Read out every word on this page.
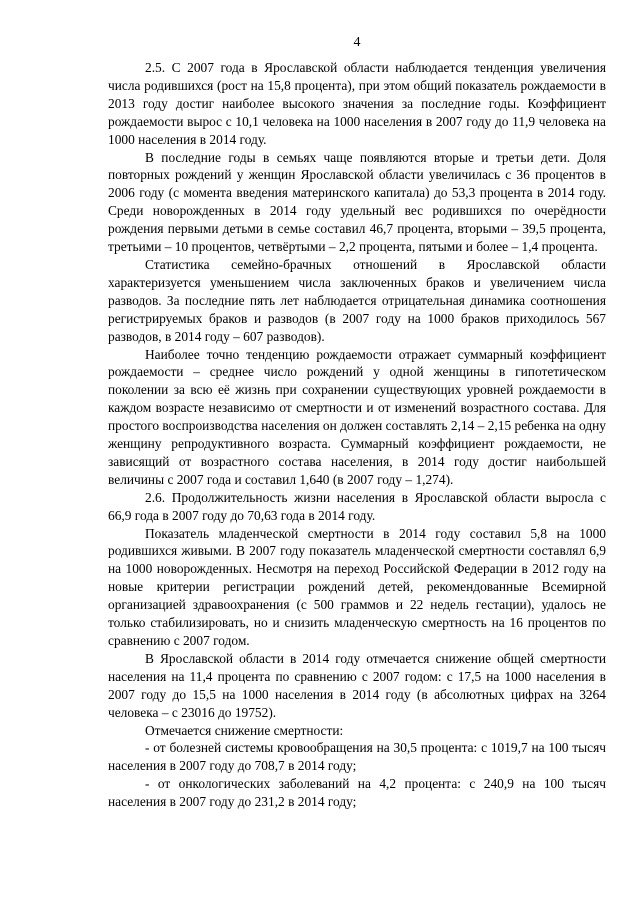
4

2.5. С 2007 года в Ярославской области наблюдается тенденция увеличения числа родившихся (рост на 15,8 процента), при этом общий показатель рождаемости в 2013 году достиг наиболее высокого значения за последние годы. Коэффициент рождаемости вырос с 10,1 человека на 1000 населения в 2007 году до 11,9 человека на 1000 населения в 2014 году.

В последние годы в семьях чаще появляются вторые и третьи дети. Доля повторных рождений у женщин Ярославской области увеличилась с 36 процентов в 2006 году (с момента введения материнского капитала) до 53,3 процента в 2014 году. Среди новорожденных в 2014 году удельный вес родившихся по очерёдности рождения первыми детьми в семье составил 46,7 процента, вторыми – 39,5 процента, третьими – 10 процентов, четвёртыми – 2,2 процента, пятыми и более – 1,4 процента.

Статистика семейно-брачных отношений в Ярославской области характеризуется уменьшением числа заключенных браков и увеличением числа разводов. За последние пять лет наблюдается отрицательная динамика соотношения регистрируемых браков и разводов (в 2007 году на 1000 браков приходилось 567 разводов, в 2014 году – 607 разводов).

Наиболее точно тенденцию рождаемости отражает суммарный коэффициент рождаемости – среднее число рождений у одной женщины в гипотетическом поколении за всю её жизнь при сохранении существующих уровней рождаемости в каждом возрасте независимо от смертности и от изменений возрастного состава. Для простого воспроизводства населения он должен составлять 2,14 – 2,15 ребенка на одну женщину репродуктивного возраста. Суммарный коэффициент рождаемости, не зависящий от возрастного состава населения, в 2014 году достиг наибольшей величины с 2007 года и составил 1,640 (в 2007 году – 1,274).

2.6. Продолжительность жизни населения в Ярославской области выросла с 66,9 года в 2007 году до 70,63 года в 2014 году.

Показатель младенческой смертности в 2014 году составил 5,8 на 1000 родившихся живыми. В 2007 году показатель младенческой смертности составлял 6,9 на 1000 новорожденных. Несмотря на переход Российской Федерации в 2012 году на новые критерии регистрации рождений детей, рекомендованные Всемирной организацией здравоохранения (с 500 граммов и 22 недель гестации), удалось не только стабилизировать, но и снизить младенческую смертность на 16 процентов по сравнению с 2007 годом.

В Ярославской области в 2014 году отмечается снижение общей смертности населения на 11,4 процента по сравнению с 2007 годом: с 17,5 на 1000 населения в 2007 году до 15,5 на 1000 населения в 2014 году (в абсолютных цифрах на 3264 человека – с 23016 до 19752).

Отмечается снижение смертности:

- от болезней системы кровообращения на 30,5 процента: с 1019,7 на 100 тысяч населения в 2007 году до 708,7 в 2014 году;

- от онкологических заболеваний на 4,2 процента: с 240,9 на 100 тысяч населения в 2007 году до 231,2 в 2014 году;
